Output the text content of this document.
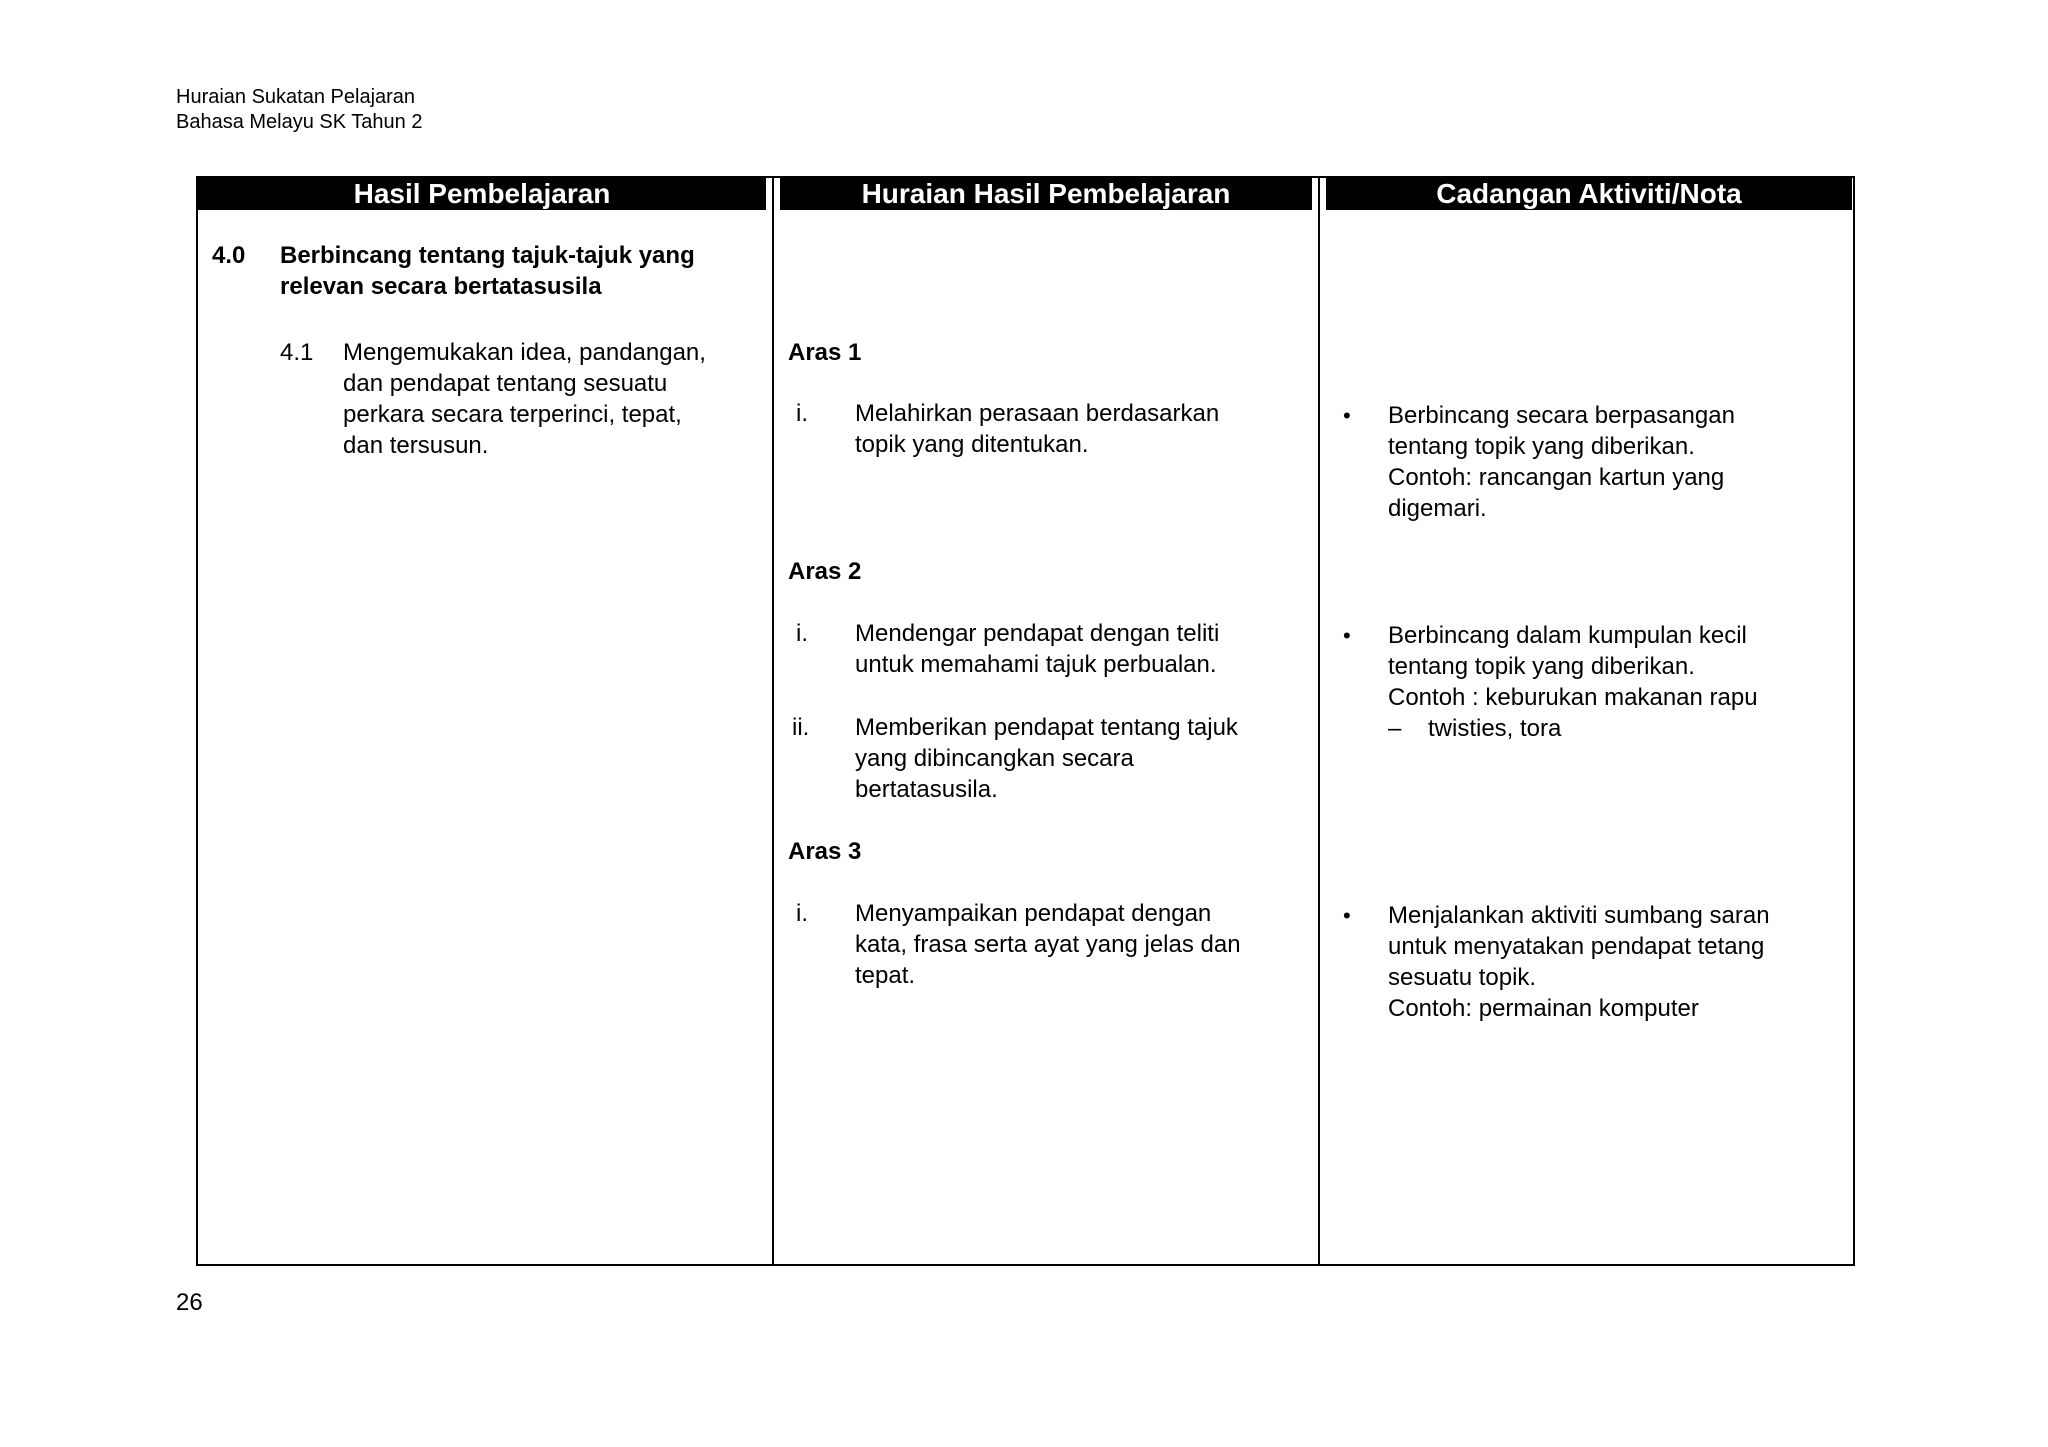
Huraian Sukatan Pelajaran
Bahasa Melayu SK Tahun 2
Hasil Pembelajaran	Huraian Hasil Pembelajaran	Cadangan Aktiviti/Nota
4.0 Berbincang tentang tajuk-tajuk yang
relevan secara bertatasusila
4.1 Mengemukakan idea, pandangan,
dan pendapat tentang sesuatu
perkara secara terperinci, tepat,
dan tersusun.
Aras 1
i. Melahirkan perasaan berdasarkan
topik yang ditentukan.
Aras 2
i. Mendengar pendapat dengan teliti
untuk memahami tajuk perbualan.
ii. Memberikan pendapat tentang tajuk
yang dibincangkan secara
bertatasusila.
Aras 3
i. Menyampaikan pendapat dengan
kata, frasa serta ayat yang jelas dan
tepat.
• Berbincang secara berpasangan
tentang topik yang diberikan.
Contoh: rancangan kartun yang
digemari.
• Berbincang dalam kumpulan kecil
tentang topik yang diberikan.
Contoh : keburukan makanan rapu
– twisties, tora
• Menjalankan aktiviti sumbang saran
untuk menyatakan pendapat tetang
sesuatu topik.
Contoh: permainan komputer
26
